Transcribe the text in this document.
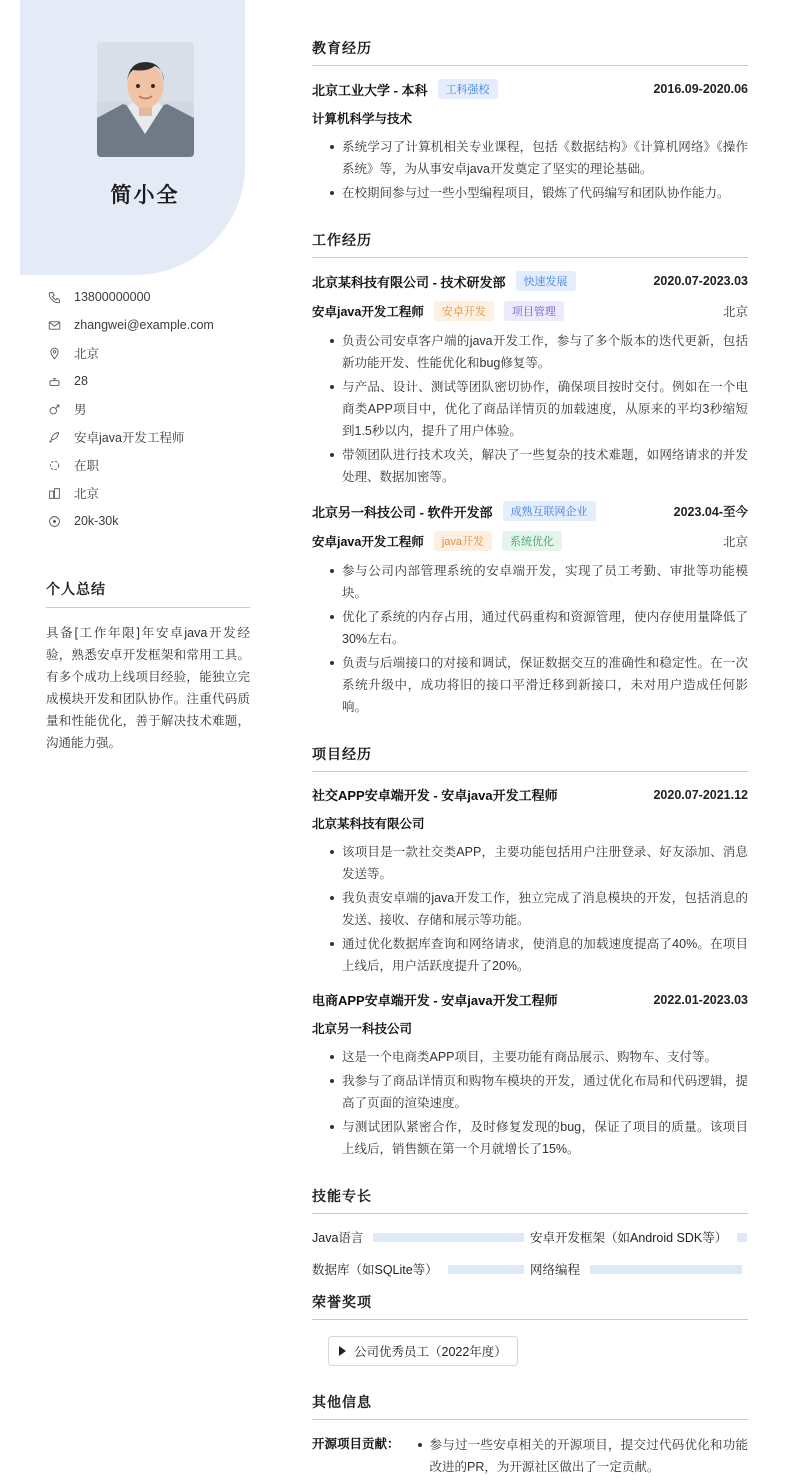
简小全
13800000000
zhangwei@example.com
北京
28
男
安卓java开发工程师
在职
北京
20k-30k
个人总结
具备[工作年限]年安卓java开发经验，熟悉安卓开发框架和常用工具。有多个成功上线项目经验，能独立完成模块开发和团队协作。注重代码质量和性能优化，善于解决技术难题，沟通能力强。
教育经历
北京工业大学 - 本科	工科强校	2016.09-2020.06
计算机科学与技术
系统学习了计算机相关专业课程，包括《数据结构》《计算机网络》《操作系统》等，为从事安卓java开发奠定了坚实的理论基础。
在校期间参与过一些小型编程项目，锻炼了代码编写和团队协作能力。
工作经历
北京某科技有限公司 - 技术研发部	快速发展	2020.07-2023.03
安卓java开发工程师	安卓开发	项目管理	北京
负责公司安卓客户端的java开发工作，参与了多个版本的迭代更新，包括新功能开发、性能优化和bug修复等。
与产品、设计、测试等团队密切协作，确保项目按时交付。例如在一个电商类APP项目中，优化了商品详情页的加载速度，从原来的平均3秒缩短到1.5秒以内，提升了用户体验。
带领团队进行技术攻关，解决了一些复杂的技术难题，如网络请求的并发处理、数据加密等。
北京另一科技公司 - 软件开发部	成熟互联网企业	2023.04-至今
安卓java开发工程师	java开发	系统优化	北京
参与公司内部管理系统的安卓端开发，实现了员工考勤、审批等功能模块。
优化了系统的内存占用，通过代码重构和资源管理，使内存使用量降低了30%左右。
负责与后端接口的对接和调试，保证数据交互的准确性和稳定性。在一次系统升级中，成功将旧的接口平滑迁移到新接口，未对用户造成任何影响。
项目经历
社交APP安卓端开发 - 安卓java开发工程师	2020.07-2021.12
北京某科技有限公司
该项目是一款社交类APP，主要功能包括用户注册登录、好友添加、消息发送等。
我负责安卓端的java开发工作，独立完成了消息模块的开发，包括消息的发送、接收、存储和展示等功能。
通过优化数据库查询和网络请求，使消息的加载速度提高了40%。在项目上线后，用户活跃度提升了20%。
电商APP安卓端开发 - 安卓java开发工程师	2022.01-2023.03
北京另一科技公司
这是一个电商类APP项目，主要功能有商品展示、购物车、支付等。
我参与了商品详情页和购物车模块的开发，通过优化布局和代码逻辑，提高了页面的渲染速度。
与测试团队紧密合作，及时修复发现的bug，保证了项目的质量。该项目上线后，销售额在第一个月就增长了15%。
技能专长
Java语言	安卓开发框架（如Android SDK等）
数据库（如SQLite等）	网络编程
荣誉奖项
公司优秀员工（2022年度）
其他信息
开源项目贡献：	参与过一些安卓相关的开源项目，提交过代码优化和功能改进的PR，为开源社区做出了一定贡献。
